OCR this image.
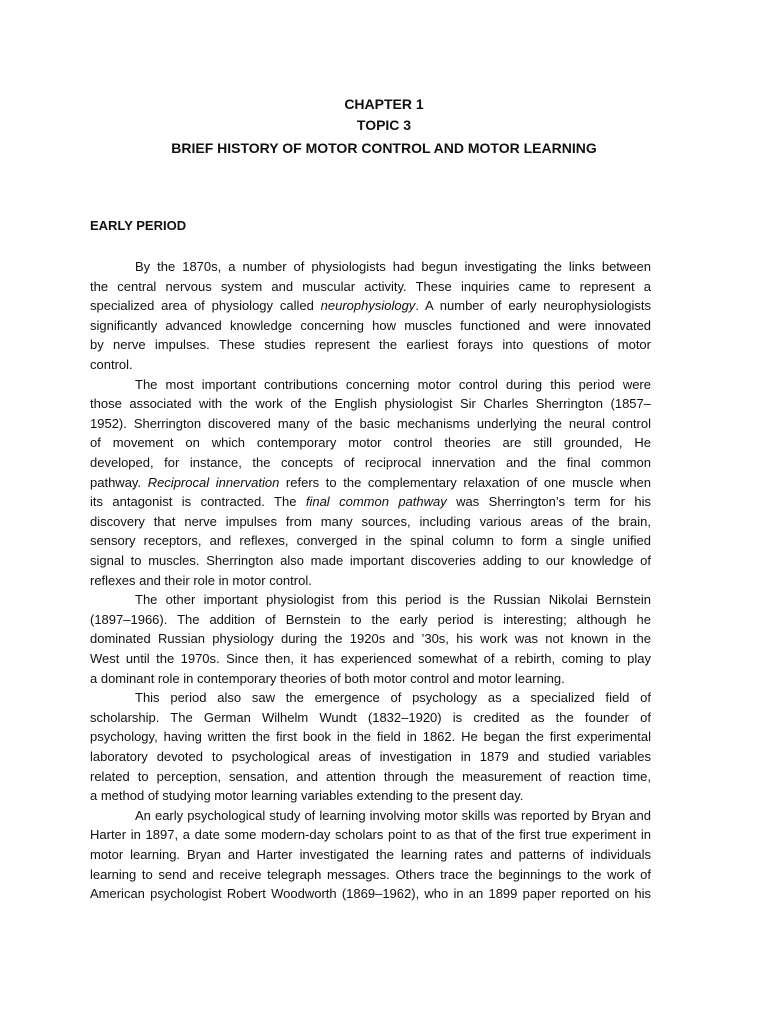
CHAPTER 1
TOPIC 3
BRIEF HISTORY OF MOTOR CONTROL AND MOTOR LEARNING
EARLY PERIOD
By the 1870s, a number of physiologists had begun investigating the links between
the central nervous system and muscular activity. These inquiries came to represent a
specialized area of physiology called neurophysiology. A number of early neurophysiologists
significantly advanced knowledge concerning how muscles functioned and were innovated
by nerve impulses. These studies represent the earliest forays into questions of motor
control.
The most important contributions concerning motor control during this period were
those associated with the work of the English physiologist Sir Charles Sherrington (1857–
1952). Sherrington discovered many of the basic mechanisms underlying the neural control
of movement on which contemporary motor control theories are still grounded, He
developed, for instance, the concepts of reciprocal innervation and the final common
pathway. Reciprocal innervation refers to the complementary relaxation of one muscle when
its antagonist is contracted. The final common pathway was Sherrington’s term for his
discovery that nerve impulses from many sources, including various areas of the brain,
sensory receptors, and reflexes, converged in the spinal column to form a single unified
signal to muscles. Sherrington also made important discoveries adding to our knowledge of
reflexes and their role in motor control.
The other important physiologist from this period is the Russian Nikolai Bernstein
(1897–1966). The addition of Bernstein to the early period is interesting; although he
dominated Russian physiology during the 1920s and ’30s, his work was not known in the
West until the 1970s. Since then, it has experienced somewhat of a rebirth, coming to play
a dominant role in contemporary theories of both motor control and motor learning.
This period also saw the emergence of psychology as a specialized field of
scholarship. The German Wilhelm Wundt (1832–1920) is credited as the founder of
psychology, having written the first book in the field in 1862. He began the first experimental
laboratory devoted to psychological areas of investigation in 1879 and studied variables
related to perception, sensation, and attention through the measurement of reaction time,
a method of studying motor learning variables extending to the present day.
An early psychological study of learning involving motor skills was reported by Bryan and
Harter in 1897, a date some modern-day scholars point to as that of the first true experiment in
motor learning. Bryan and Harter investigated the learning rates and patterns of individuals
learning to send and receive telegraph messages. Others trace the beginnings to the work of
American psychologist Robert Woodworth (1869–1962), who in an 1899 paper reported on his
